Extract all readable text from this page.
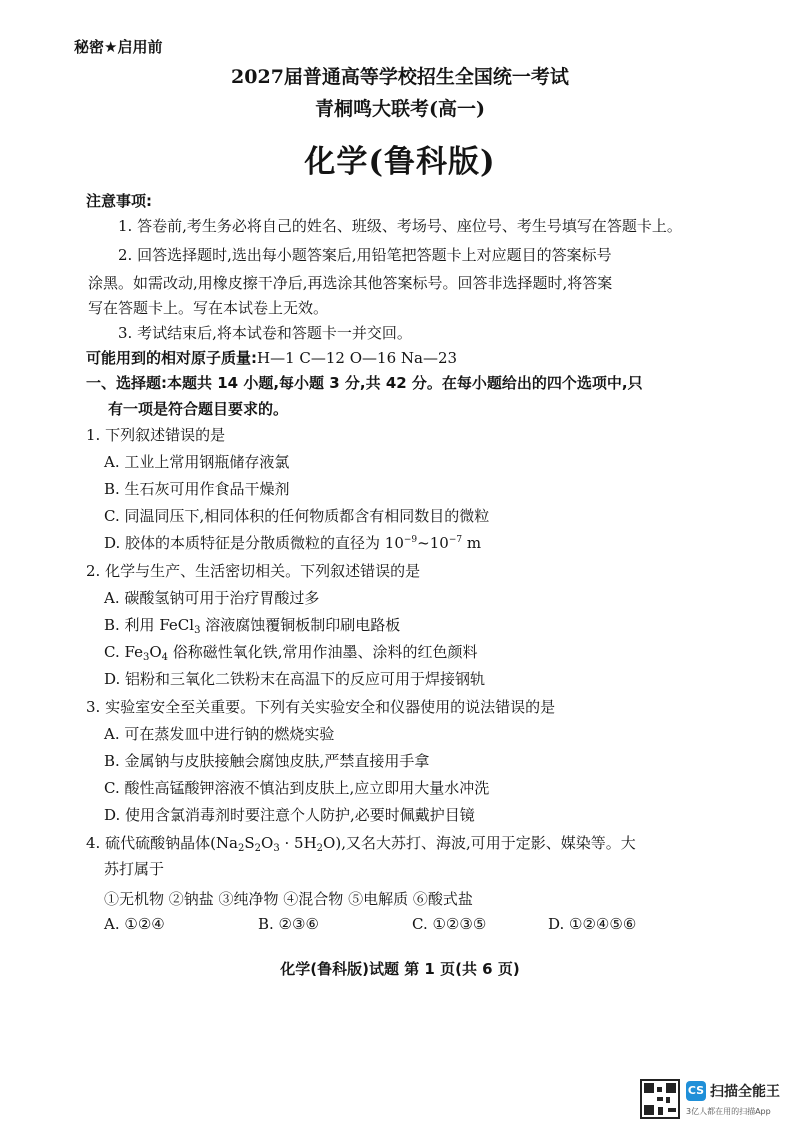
秘密★启用前
2027届普通高等学校招生全国统一考试
青桐鸣大联考(高一)
化学(鲁科版)
注意事项:
1. 答卷前,考生务必将自己的姓名、班级、考场号、座位号、考生号填写在答题卡上。
2. 回答选择题时,选出每小题答案后,用铅笔把答题卡上对应题目的答案标号
涂黑。如需改动,用橡皮擦干净后,再选涂其他答案标号。回答非选择题时,将答案
写在答题卡上。写在本试卷上无效。
3. 考试结束后,将本试卷和答题卡一并交回。
可能用到的相对原子质量:H—1 C—12 O—16 Na—23
一、选择题:本题共 14 小题,每小题 3 分,共 42 分。在每小题给出的四个选项中,只
有一项是符合题目要求的。
1. 下列叙述错误的是
A. 工业上常用钢瓶储存液氯
B. 生石灰可用作食品干燥剂
C. 同温同压下,相同体积的任何物质都含有相同数目的微粒
D. 胶体的本质特征是分散质微粒的直径为 $10^{-9}\sim 10^{-7}$ m
2. 化学与生产、生活密切相关。下列叙述错误的是
A. 碳酸氢钠可用于治疗胃酸过多
B. 利用 FeCl$_3$ 溶液腐蚀覆铜板制印刷电路板
C. $Fe_3O_4$ 俗称磁性氧化铁,常用作油墨、涂料的红色颜料
D. 铝粉和三氧化二铁粉末在高温下的反应可用于焊接钢轨
3. 实验室安全至关重要。下列有关实验安全和仪器使用的说法错误的是
A. 可在蒸发皿中进行钠的燃烧实验
B. 金属钠与皮肤接触会腐蚀皮肤,严禁直接用手拿
C. 酸性高锰酸钾溶液不慎沾到皮肤上,应立即用大量水冲洗
D. 使用含氯消毒剂时要注意个人防护,必要时佩戴护目镜
4. 硫代硫酸钠晶体$(Na_2S_2O_3 \cdot 5H_2O)$,又名大苏打、海波,可用于定影、媒染等。大
苏打属于
①无机物 ②钠盐 ③纯净物 ④混合物 ⑤电解质 ⑥酸式盐
A. ①②④	B. ②③⑥	C. ①②③⑤	D. ①②④⑤⑥
化学(鲁科版)试题 第 1 页(共 6 页)
CS 扫描全能王
3亿人都在用的扫描App
